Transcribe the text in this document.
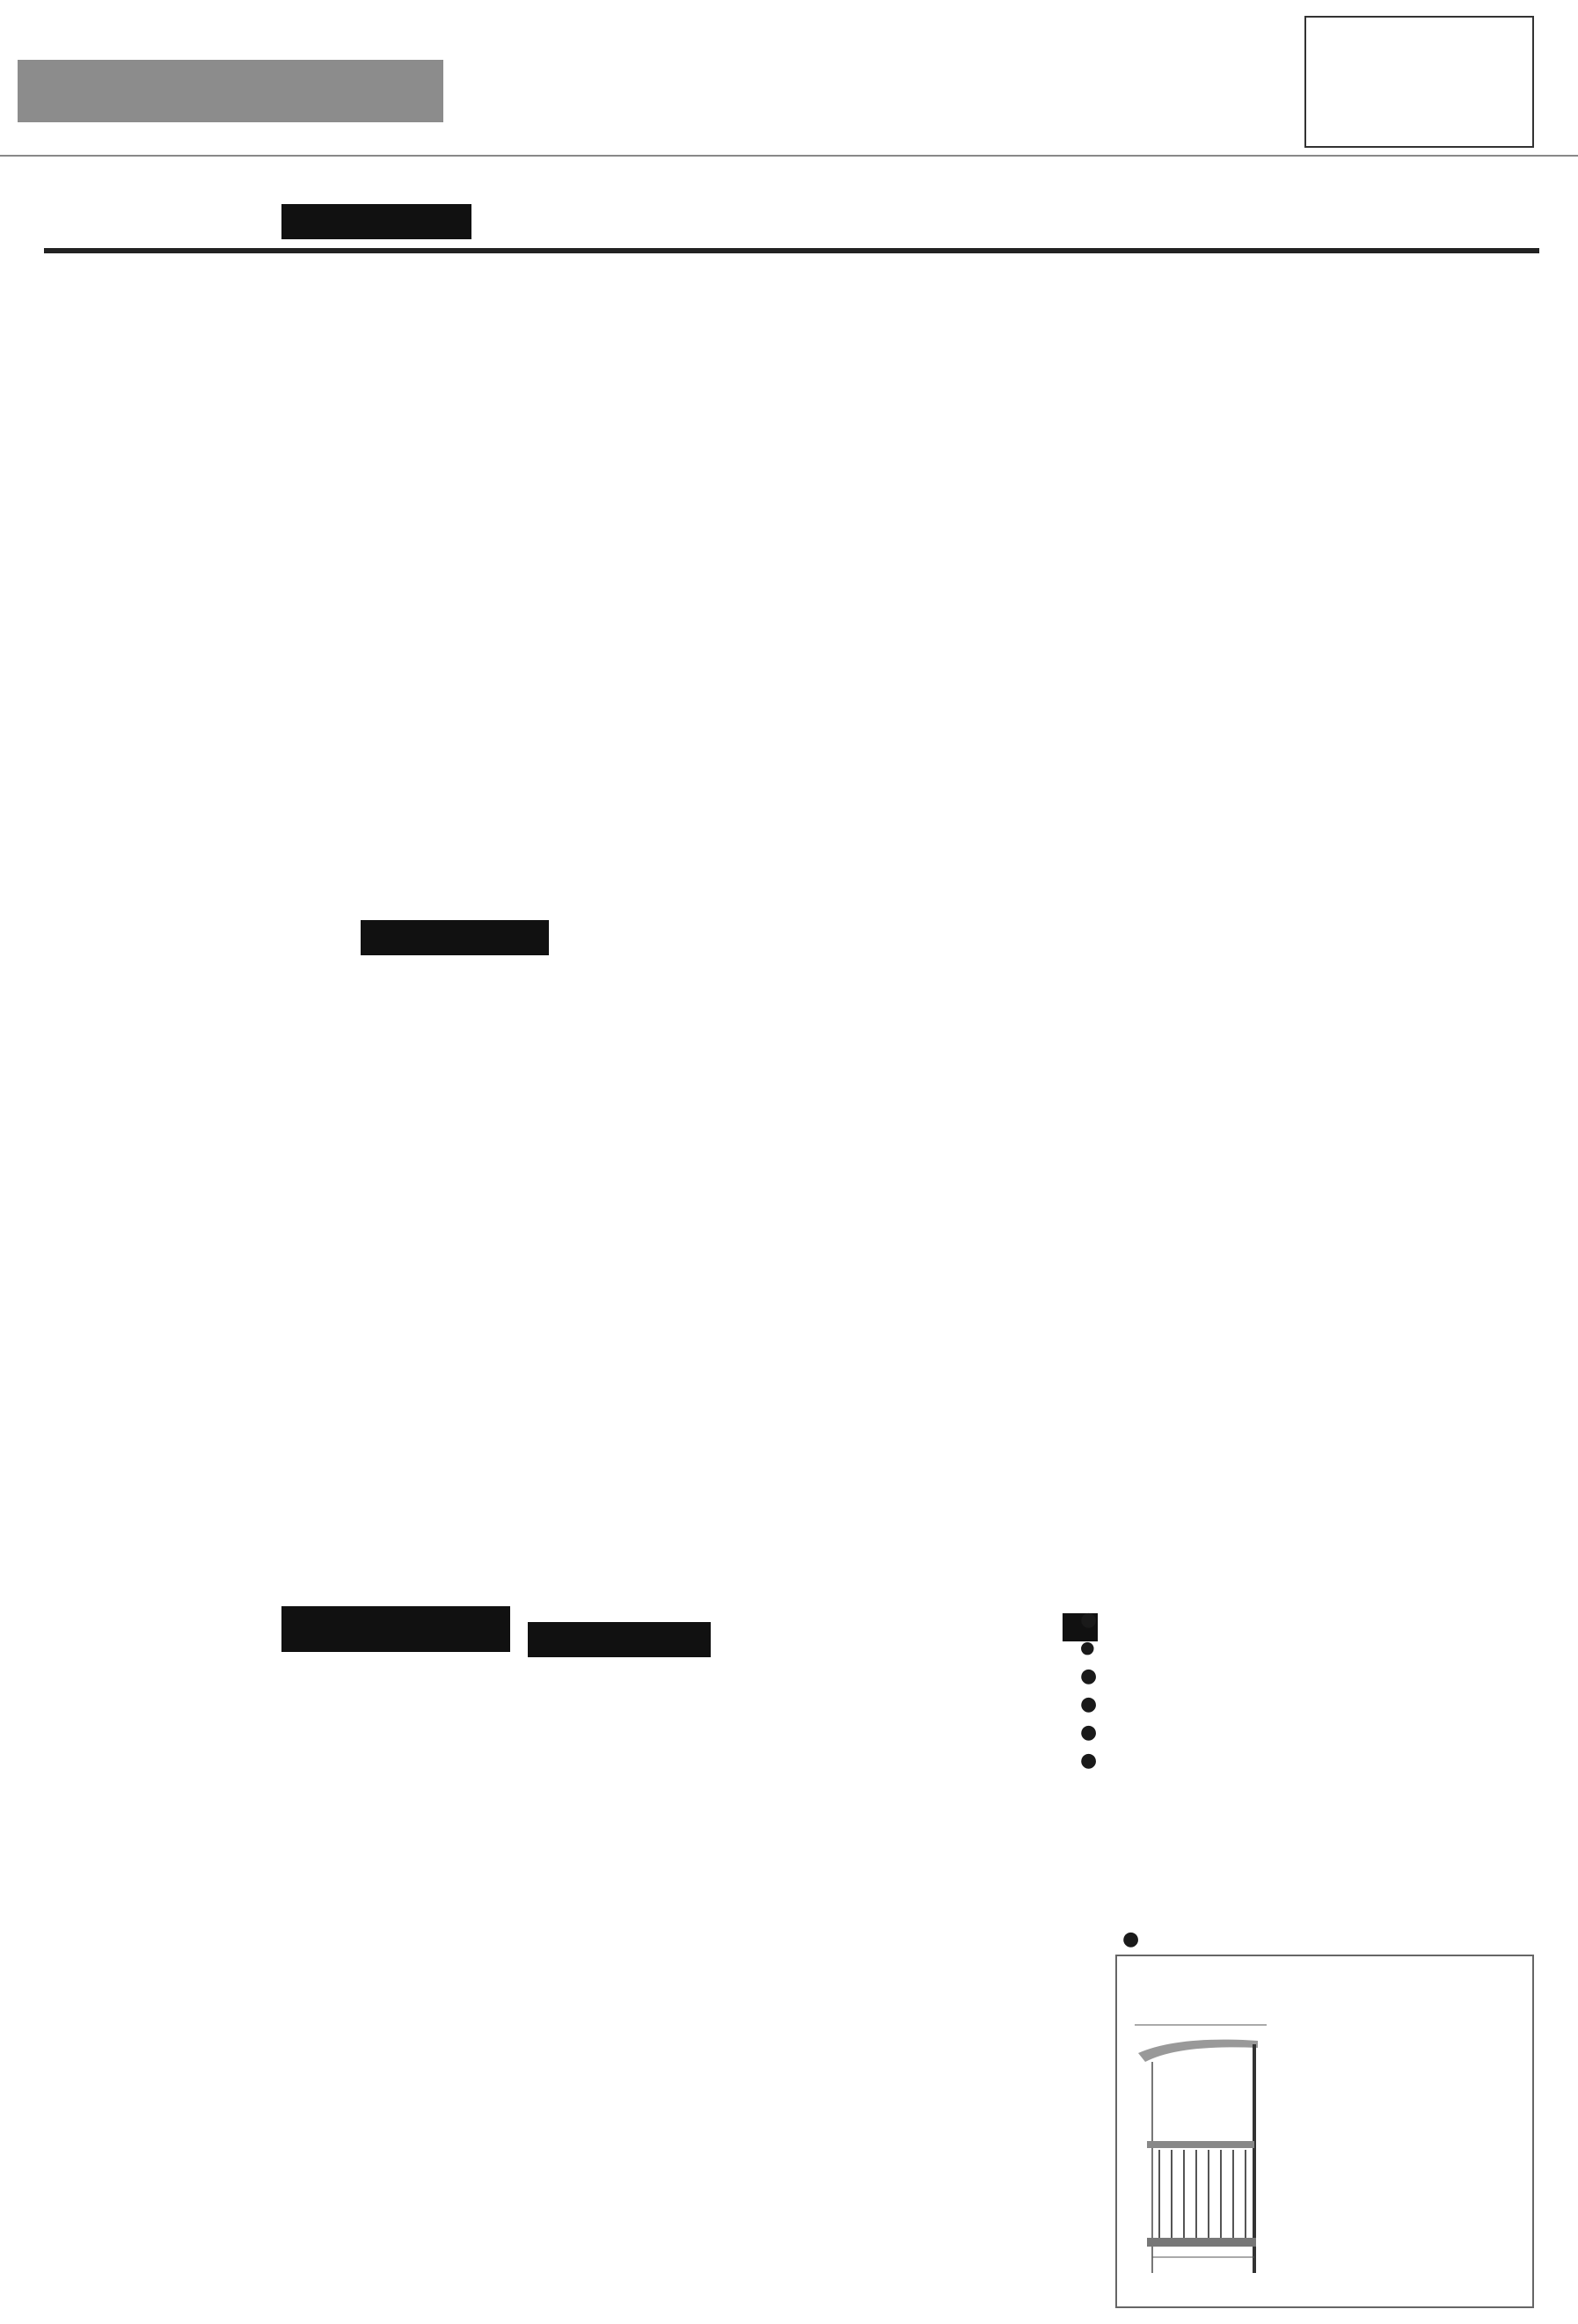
●
●
●
●
●
●
●
